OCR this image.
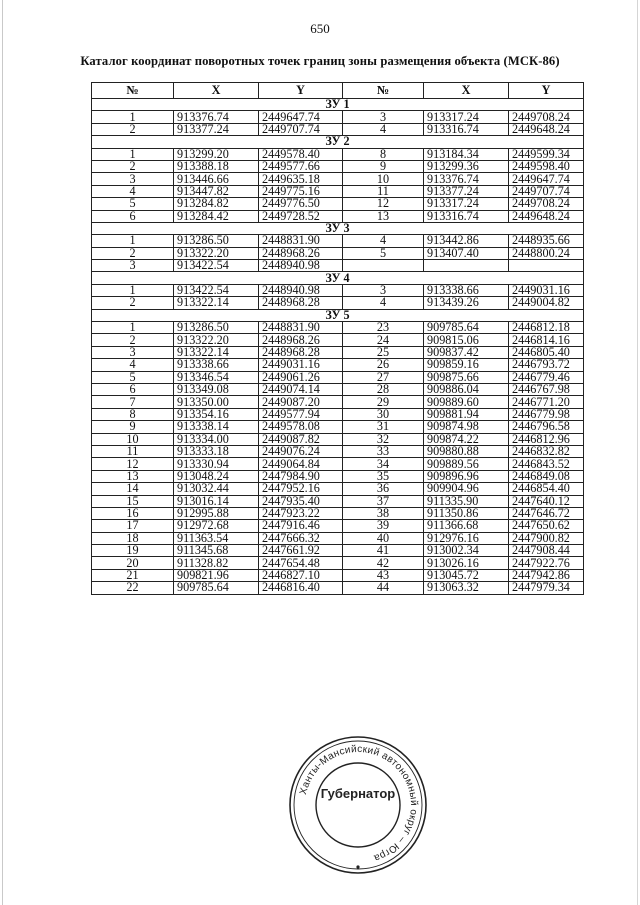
650
Каталог координат поворотных точек границ зоны размещения объекта (МСК-86)
№	X	Y	№	X	Y
ЗУ 1					
1	913376.74	2449647.74	3	913317.24	2449708.24
2	913377.24	2449707.74	4	913316.74	2449648.24
ЗУ 2					
1	913299.20	2449578.40	8	913184.34	2449599.34
2	913388.18	2449577.66	9	913299.36	2449598.40
3	913446.66	2449635.18	10	913376.74	2449647.74
4	913447.82	2449775.16	11	913377.24	2449707.74
5	913284.82	2449776.50	12	913317.24	2449708.24
6	913284.42	2449728.52	13	913316.74	2449648.24
ЗУ 3					
1	913286.50	2448831.90	4	913442.86	2448935.66
2	913322.20	2448968.26	5	913407.40	2448800.24
3	913422.54	2448940.98			
ЗУ 4					
1	913422.54	2448940.98	3	913338.66	2449031.16
2	913322.14	2448968.28	4	913439.26	2449004.82
ЗУ 5					
1	913286.50	2448831.90	23	909785.64	2446812.18
2	913322.20	2448968.26	24	909815.06	2446814.16
3	913322.14	2448968.28	25	909837.42	2446805.40
4	913338.66	2449031.16	26	909859.16	2446793.72
5	913346.54	2449061.26	27	909875.66	2446779.46
6	913349.08	2449074.14	28	909886.04	2446767.98
7	913350.00	2449087.20	29	909889.60	2446771.20
8	913354.16	2449577.94	30	909881.94	2446779.98
9	913338.14	2449578.08	31	909874.98	2446796.58
10	913334.00	2449087.82	32	909874.22	2446812.96
11	913333.18	2449076.24	33	909880.88	2446832.82
12	913330.94	2449064.84	34	909889.56	2446843.52
13	913048.24	2447984.90	35	909896.96	2446849.08
14	913032.44	2447952.16	36	909904.96	2446854.40
15	913016.14	2447935.40	37	911335.90	2447640.12
16	912995.88	2447923.22	38	911350.86	2447646.72
17	912972.68	2447916.46	39	911366.68	2447650.62
18	911363.54	2447666.32	40	912976.16	2447900.82
19	911345.68	2447661.92	41	913002.34	2447908.44
20	911328.82	2447654.48	42	913026.16	2447922.76
21	909821.96	2446827.10	43	913045.72	2447942.86
22	909785.64	2446816.40	44	913063.32	2447979.34
Ханты-Мансийский автономный округ – Югра
Губернатор
